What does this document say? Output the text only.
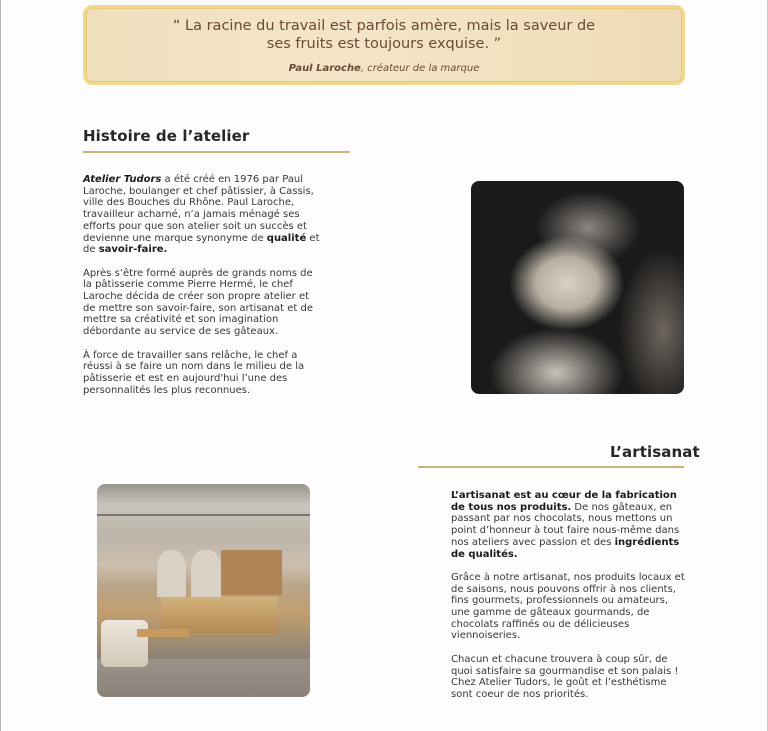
“ La racine du travail est parfois amère, mais la saveur de ses fruits est toujours exquise. ”
Paul Laroche, créateur de la marque
Histoire de l’atelier

Atelier Tudors a été créé en 1976 par Paul Laroche, boulanger et chef pâtissier, à Cassis, ville des Bouches du Rhône. Paul Laroche, travailleur acharné, n’a jamais ménagé ses efforts pour que son atelier soit un succès et devienne une marque synonyme de qualité et de savoir-faire.

Après s’être formé auprès de grands noms de la pâtisserie comme Pierre Hermé, le chef Laroche décida de créer son propre atelier et de mettre son savoir-faire, son artisanat et de mettre sa créativité et son imagination débordante au service de ses gâteaux.

À force de travailler sans relâche, le chef a réussi à se faire un nom dans le milieu de la pâtisserie et est en aujourd'hui l’une des personnalités les plus reconnues.

L’artisanat

L’artisanat est au cœur de la fabrication de tous nos produits. De nos gâteaux, en passant par nos chocolats, nous mettons un point d’honneur à tout faire nous-même dans nos ateliers avec passion et des ingrédients de qualités.

Grâce à notre artisanat, nos produits locaux et de saisons, nous pouvons offrir à nos clients, fins gourmets, professionnels ou amateurs, une gamme de gâteaux gourmands, de chocolats raffinés ou de délicieuses viennoiseries.

Chacun et chacune trouvera à coup sûr, de quoi satisfaire sa gourmandise et son palais !
Chez Atelier Tudors, le goût et l’esthétisme sont coeur de nos priorités.
